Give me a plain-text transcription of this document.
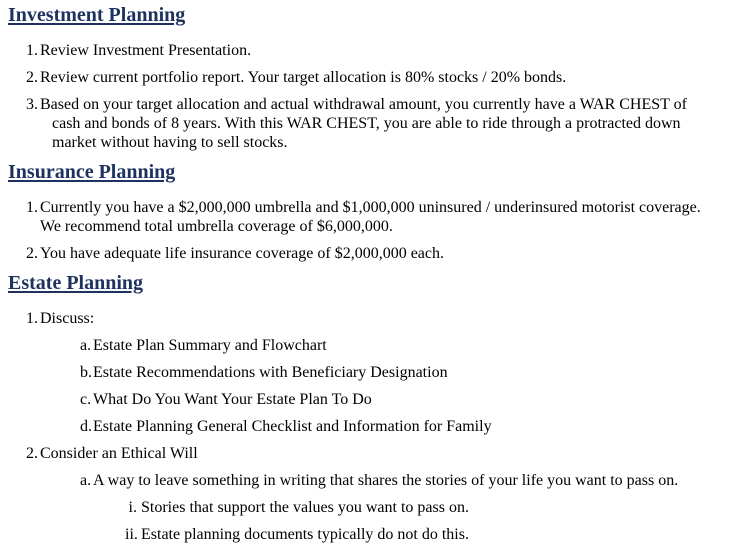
Investment Planning
1. Review Investment Presentation.
2. Review current portfolio report. Your target allocation is 80% stocks / 20% bonds.
3. Based on your target allocation and actual withdrawal amount, you currently have a WAR CHEST of cash and bonds of 8 years. With this WAR CHEST, you are able to ride through a protracted down market without having to sell stocks.
Insurance Planning
1. Currently you have a $2,000,000 umbrella and $1,000,000 uninsured / underinsured motorist coverage. We recommend total umbrella coverage of $6,000,000.
2. You have adequate life insurance coverage of $2,000,000 each.
Estate Planning
1. Discuss:
a. Estate Plan Summary and Flowchart
b.Estate Recommendations with Beneficiary Designation
c. What Do You Want Your Estate Plan To Do
d.Estate Planning General Checklist and Information for Family
2. Consider an Ethical Will
a. A way to leave something in writing that shares the stories of your life you want to pass on.
i. Stories that support the values you want to pass on.
ii. Estate planning documents typically do not do this.
